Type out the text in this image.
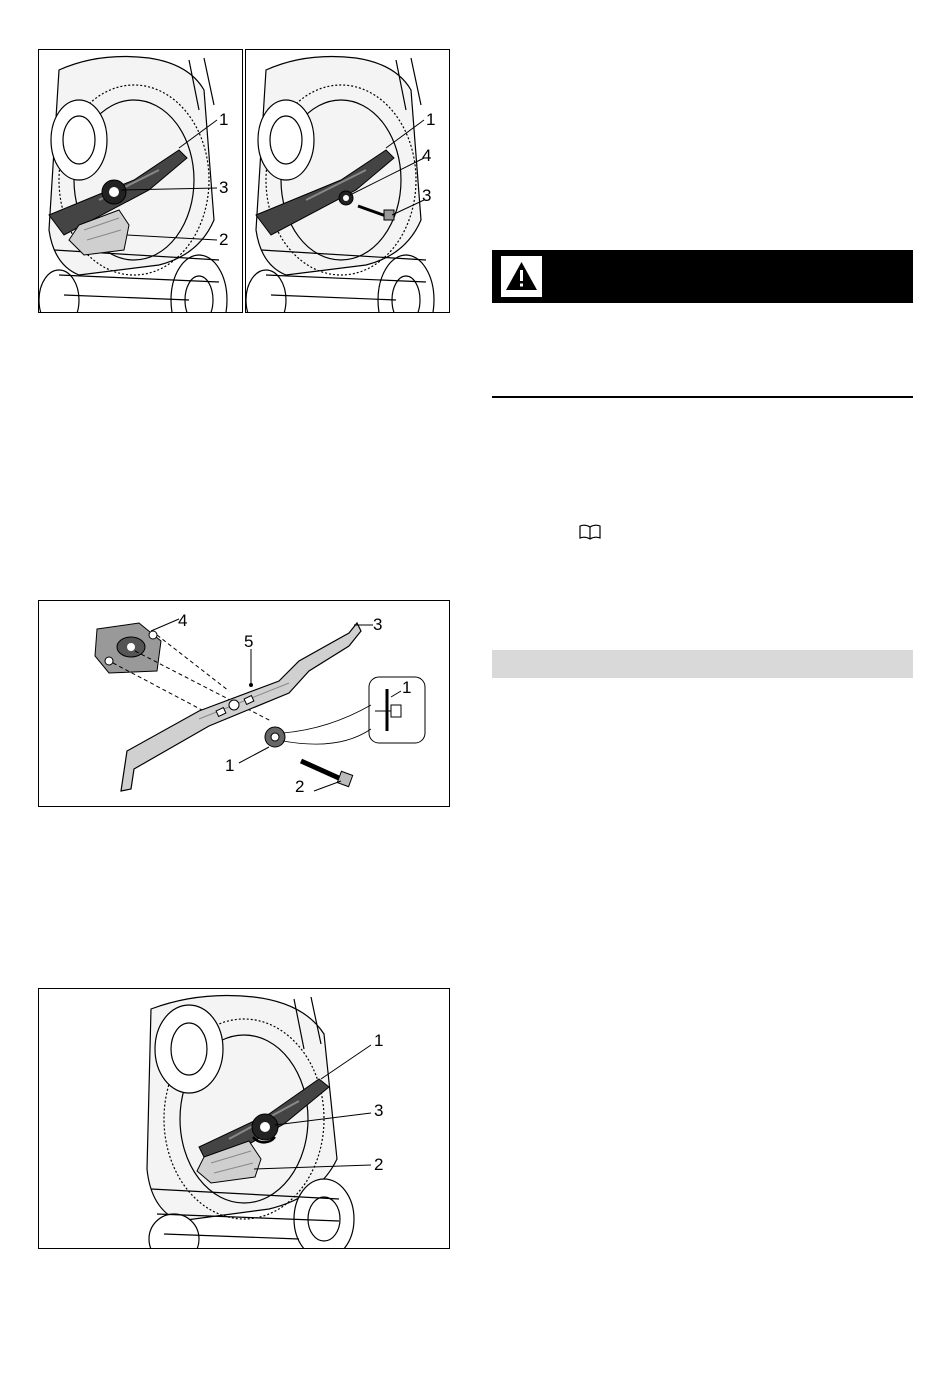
1
3
2
1
4
3
4
5
3
1
1
2
1
3
2
